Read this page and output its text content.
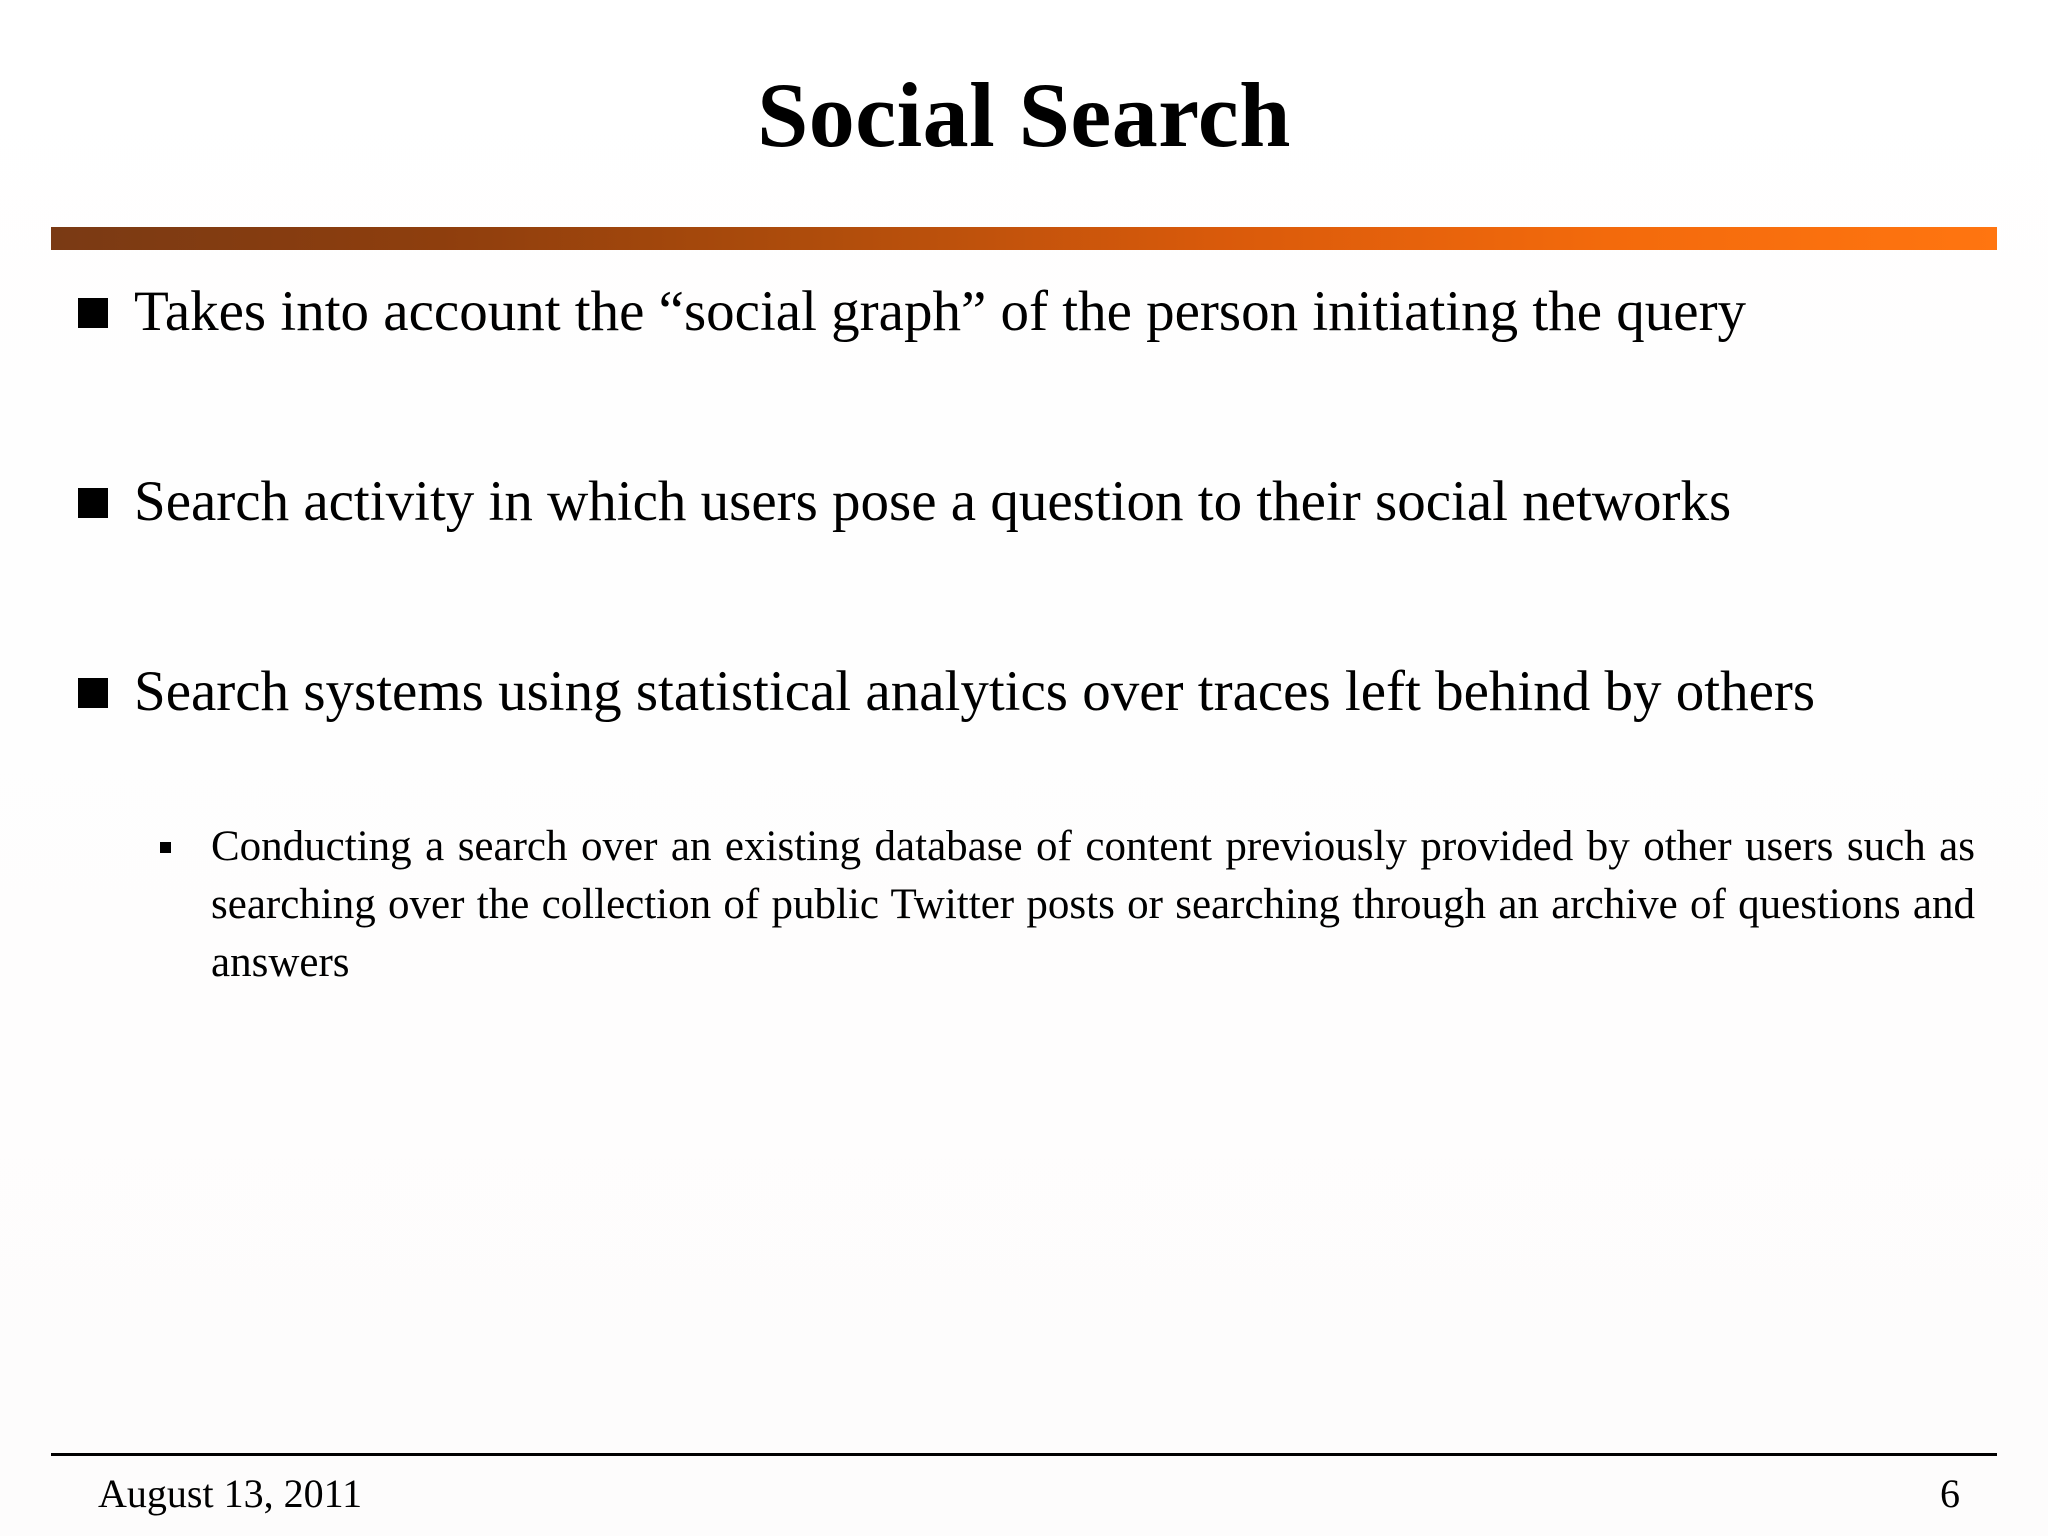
Social Search
Takes into account the “social graph” of the person initiating the query
Search activity in which users pose a question to their social networks
Search systems using statistical analytics over traces left behind by others
Conducting a search over an existing database of content previously provided by other users such as searching over the collection of public Twitter posts or searching through an archive of questions and answers
August 13, 2011	6
